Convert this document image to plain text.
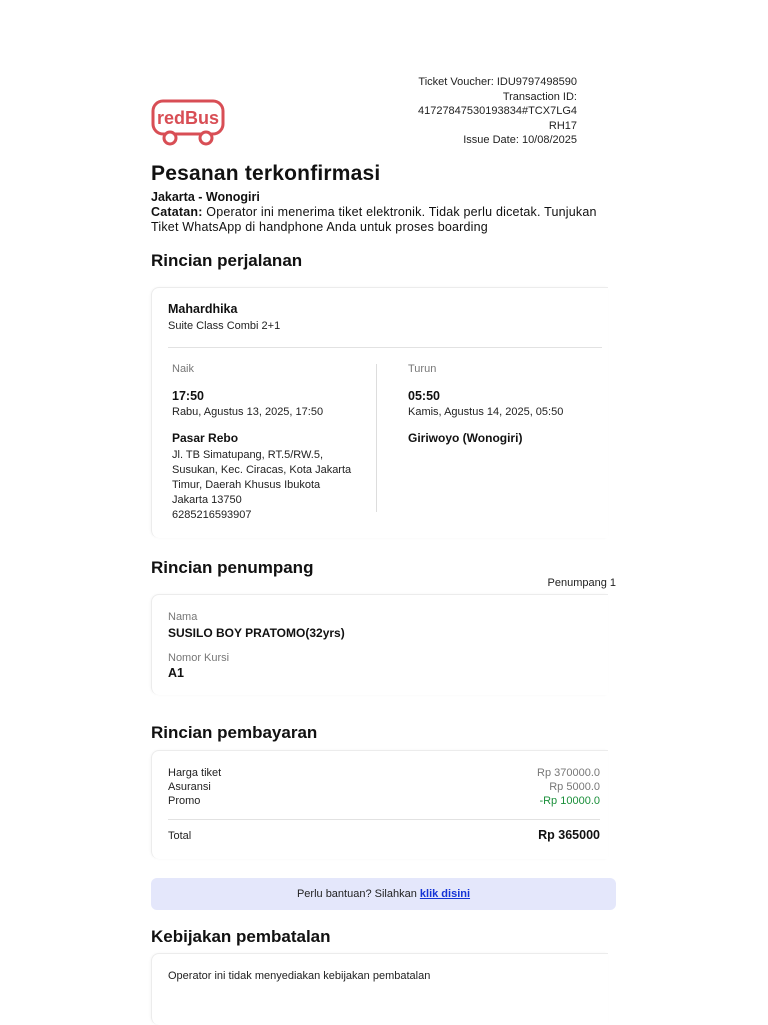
Ticket Voucher: IDU9797498590
Transaction ID:
41727847530193834#TCX7LG4
RH17
Issue Date: 10/08/2025
redBus
Pesanan terkonfirmasi
Jakarta - Wonogiri
Catatan: Operator ini menerima tiket elektronik. Tidak perlu dicetak. Tunjukan Tiket WhatsApp di handphone Anda untuk proses boarding
Rincian perjalanan
Mahardhika
Suite Class Combi 2+1
Naik
17:50
Rabu, Agustus 13, 2025, 17:50
Pasar Rebo
Jl. TB Simatupang, RT.5/RW.5,
Susukan, Kec. Ciracas, Kota Jakarta
Timur, Daerah Khusus Ibukota
Jakarta 13750
6285216593907
Turun
05:50
Kamis, Agustus 14, 2025, 05:50
Giriwoyo (Wonogiri)
Rincian penumpang
Penumpang 1
Nama
SUSILO BOY PRATOMO(32yrs)
Nomor Kursi
A1
Rincian pembayaran
Harga tiket	Rp 370000.0
Asuransi	Rp 5000.0
Promo	-Rp 10000.0
Total	Rp 365000
Perlu bantuan? Silahkan klik disini
Kebijakan pembatalan
Operator ini tidak menyediakan kebijakan pembatalan
